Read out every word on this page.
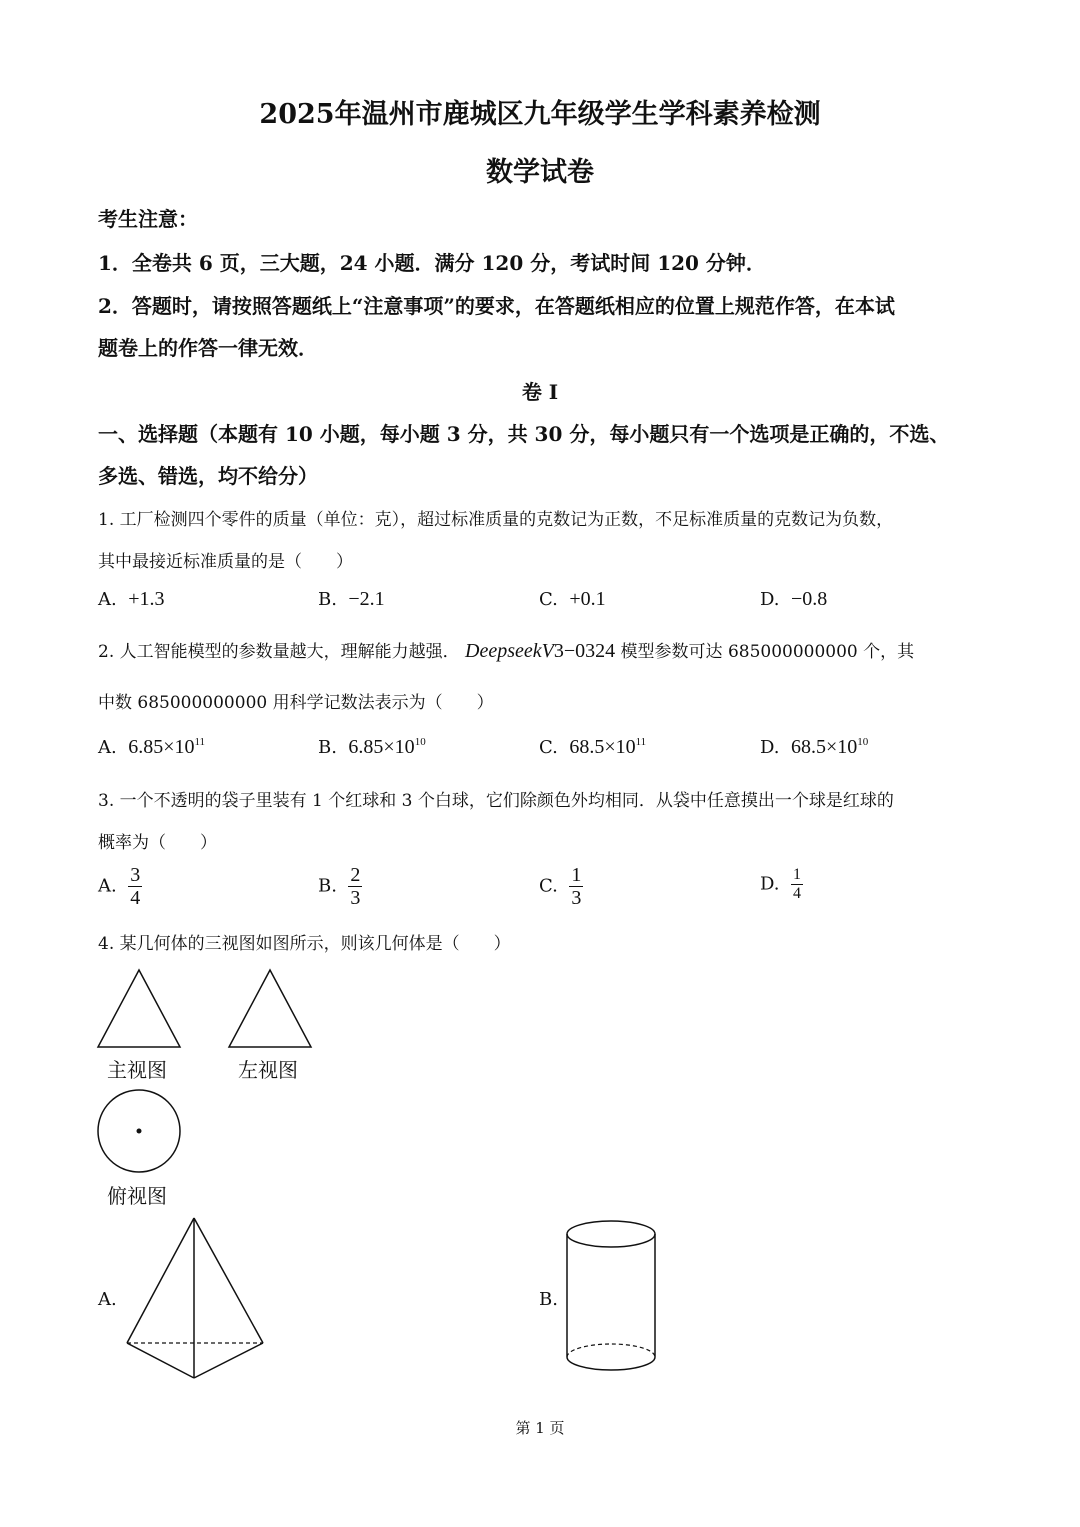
2025年温州市鹿城区九年级学生学科素养检测
数学试卷
考生注意：
1．全卷共 6 页，三大题，24 小题．满分 120 分，考试时间 120 分钟．
2．答题时，请按照答题纸上“注意事项”的要求，在答题纸相应的位置上规范作答，在本试
题卷上的作答一律无效．
卷 I
一、选择题（本题有 10 小题，每小题 3 分，共 30 分，每小题只有一个选项是正确的，不选、
多选、错选，均不给分）
1. 工厂检测四个零件的质量（单位：克），超过标准质量的克数记为正数，不足标准质量的克数记为负数，
其中最接近标准质量的是（　　）
A. +1.3	B. −2.1	C. +0.1	D. −0.8
2. 人工智能模型的参数量越大，理解能力越强． DeepseekV3−0324 模型参数可达 685000000000 个，其
中数 685000000000 用科学记数法表示为（　　）
A. $6.85\times 10^{11}$	B. $6.85\times 10^{10}$	C. $68.5\times 10^{11}$	D. $68.5\times 10^{10}$
3. 一个不透明的袋子里装有 1 个红球和 3 个白球，它们除颜色外均相同．从袋中任意摸出一个球是红球的
概率为（　　）
A. $\frac{3}{4}$	B. $\frac{2}{3}$	C. $\frac{1}{3}$	D. $\frac{1}{4}$
4. 某几何体的三视图如图所示，则该几何体是（　　）
主视图	左视图
俯视图
A.	B.
第 1 页
